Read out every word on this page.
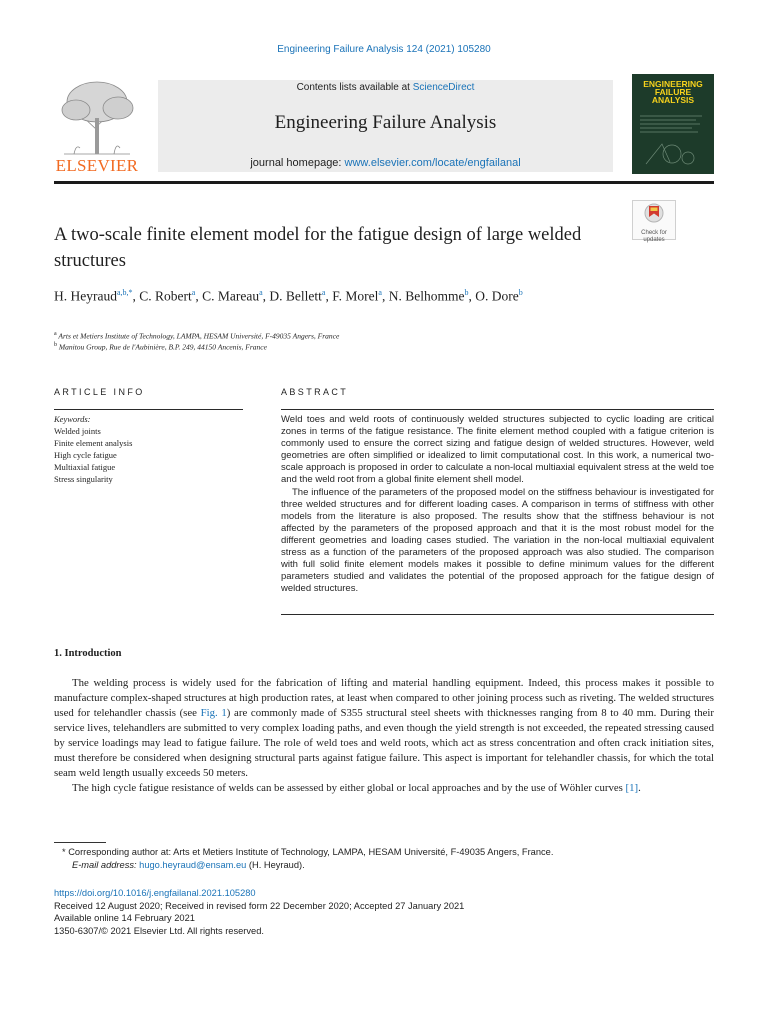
Engineering Failure Analysis 124 (2021) 105280
ELSEVIER
Contents lists available at ScienceDirect
Engineering Failure Analysis
journal homepage: www.elsevier.com/locate/engfailanal
ENGINEERING FAILURE ANALYSIS
Check for
updates
A two-scale finite element model for the fatigue design of large welded structures
H. Heyraud$^{a,b,*}$, C. Robert$^a$, C. Mareau$^a$, D. Bellett$^a$, F. Morel$^a$, N. Belhomme$^b$, O. Dore$^b$
$^a$ Arts et Metiers Institute of Technology, LAMPA, HESAM Université, F-49035 Angers, France
$^b$ Manitou Group, Rue de l'Aubinière, B.P. 249, 44150 Ancenis, France
ARTICLE INFO
Keywords:
Welded joints
Finite element analysis
High cycle fatigue
Multiaxial fatigue
Stress singularity
ABSTRACT

Weld toes and weld roots of continuously welded structures subjected to cyclic loading are critical zones in terms of the fatigue resistance. The finite element method coupled with a fatigue criterion is commonly used to ensure the correct sizing and fatigue design of welded structures. However, weld geometries are often simplified or idealized to limit computational cost. In this work, a numerical two-scale approach is proposed in order to calculate a non-local multiaxial equivalent stress at the weld toe and the weld root from a global finite element shell model.

The influence of the parameters of the proposed model on the stiffness behaviour is investigated for three welded structures and for different loading cases. A comparison in terms of stiffness with other models from the literature is also proposed. The results show that the stiffness behaviour is not affected by the parameters of the proposed approach and that it is the most robust model for the different geometries and loading cases studied. The variation in the non-local multiaxial equivalent stress as a function of the parameters of the proposed approach was also studied. The comparison with full solid finite element models makes it possible to define minimum values for the different parameters studied and validates the potential of the proposed approach for the fatigue design of welded structures.

1. Introduction

The welding process is widely used for the fabrication of lifting and material handling equipment. Indeed, this process makes it possible to manufacture complex-shaped structures at high production rates, at least when compared to other joining process such as riveting. The welded structures used for telehandler chassis (see Fig. 1) are commonly made of S355 structural steel sheets with thicknesses ranging from 8 to 40 mm. During their service lives, telehandlers are submitted to very complex loading paths, and even though the yield strength is not exceeded, the repeated stressing caused by service loadings may lead to fatigue failure. The role of weld toes and weld roots, which act as stress concentration and often crack initiation sites, must therefore be considered when designing structural parts against fatigue failure. This aspect is important for telehandler chassis, for which the total seam weld length usually exceeds 50 meters.

The high cycle fatigue resistance of welds can be assessed by either global or local approaches and by the use of Wöhler curves [1].

* Corresponding author at: Arts et Metiers Institute of Technology, LAMPA, HESAM Université, F-49035 Angers, France.
E-mail address: hugo.heyraud@ensam.eu (H. Heyraud).
https://doi.org/10.1016/j.engfailanal.2021.105280
Received 12 August 2020; Received in revised form 22 December 2020; Accepted 27 January 2021
Available online 14 February 2021
1350-6307/© 2021 Elsevier Ltd. All rights reserved.
